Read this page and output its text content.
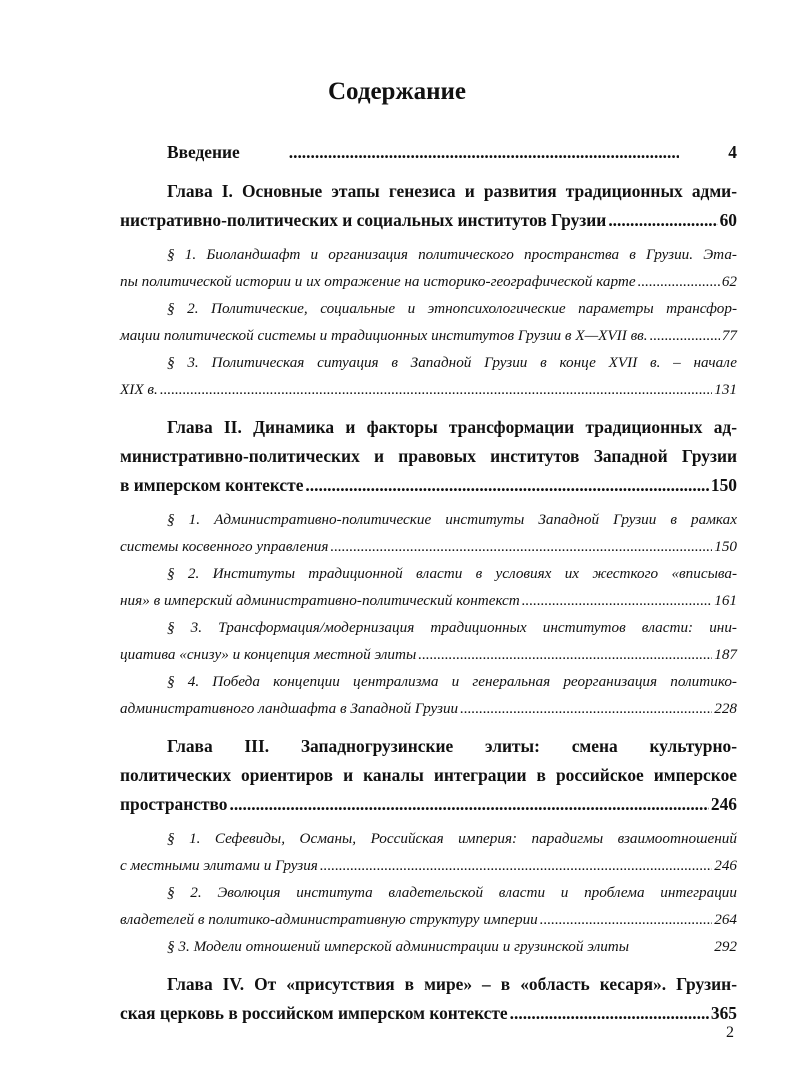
Содержание
Введение .....	4
Глава I. Основные этапы генезиса и развития традиционных адми-
нистративно-политических и социальных институтов Грузии .....	60
§ 1. Биоландшафт и организация политического пространства в Грузии. Эта-
пы политической истории и их отражение на историко-географической карте .....	62
§ 2. Политические, социальные и этнопсихологические параметры трансфор-
мации политической системы и традиционных институтов Грузии в X—XVII вв. .....	77
§ 3. Политическая ситуация в Западной Грузии в конце XVII в. – начале
XIX в. .....	131
Глава II. Динамика и факторы трансформации традиционных ад-
министративно-политических и правовых институтов Западной Грузии
в имперском контексте .....	150
§ 1. Административно-политические институты Западной Грузии в рамках
системы косвенного управления .....	150
§ 2. Институты традиционной власти в условиях их жесткого «вписыва-
ния» в имперский административно-политический контекст .....	161
§ 3. Трансформация/модернизация традиционных институтов власти: ини-
циатива «снизу» и концепция местной элиты .....	187
§ 4. Победа концепции централизма и генеральная реорганизация политико-
административного ландшафта в Западной Грузии .....	228
Глава III. Западногрузинские элиты: смена культурно-
политических ориентиров и каналы интеграции в российское имперское
пространство .....	246
§ 1. Сефевиды, Османы, Российская империя: парадигмы взаимоотношений
с местными элитами и Грузия .....	246
§ 2. Эволюция института владетельской власти и проблема интеграции
владетелей в политико-административную структуру империи .....	264
§ 3. Модели отношений имперской администрации и грузинской элиты .....	292
Глава IV. От «присутствия в мире» – в «область кесаря». Грузин-
ская церковь в российском имперском контексте .....	365
2
